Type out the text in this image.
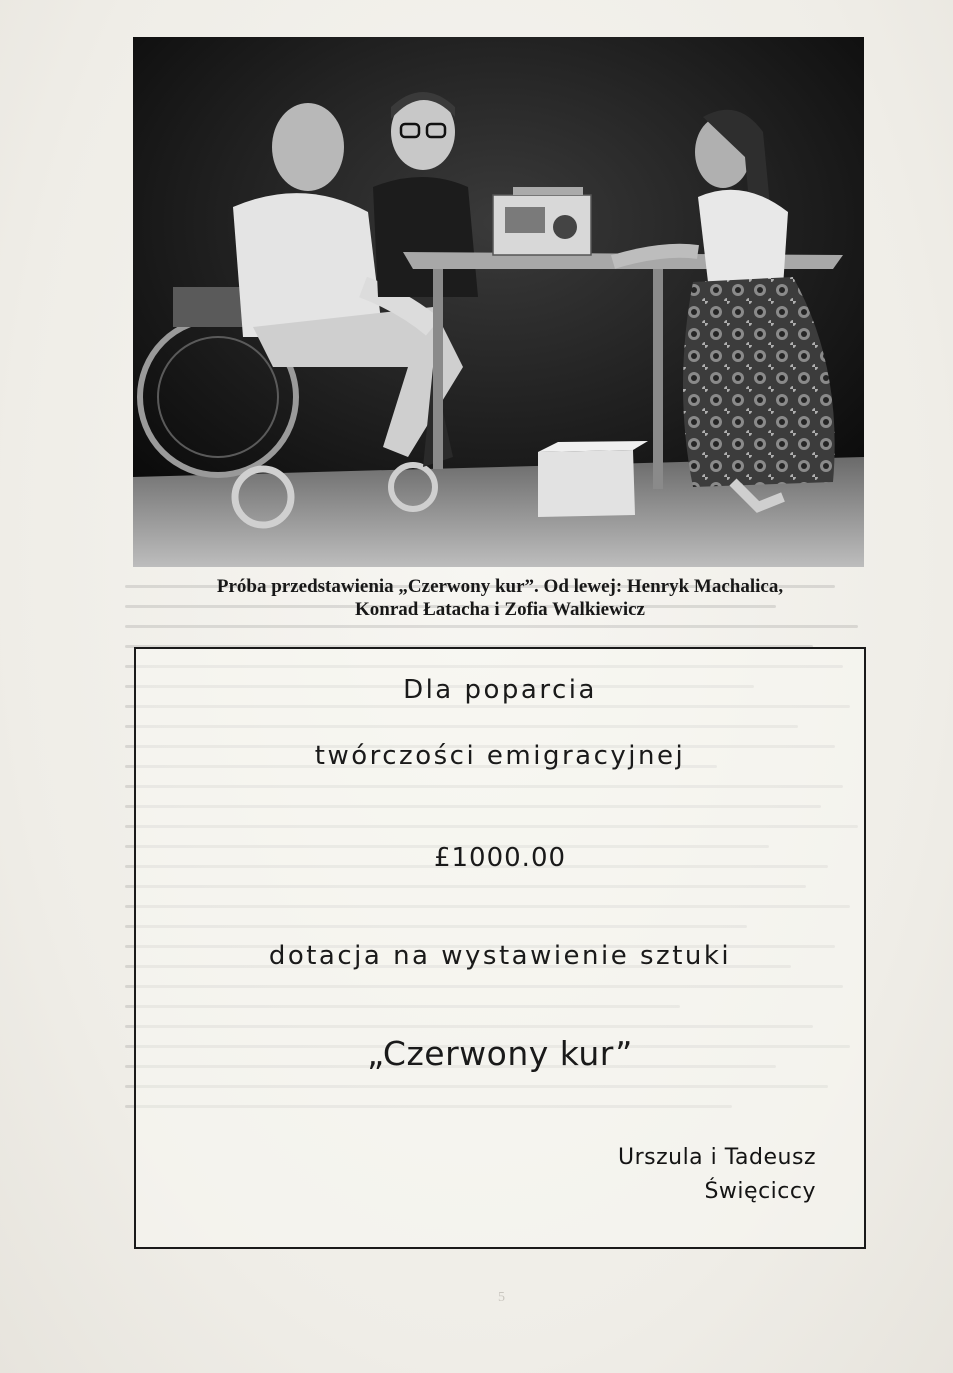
Próba przedstawienia „Czerwony kur”. Od lewej: Henryk Machalica,
Konrad Łatacha i Zofia Walkiewicz
Dla poparcia
twórczości emigracyjnej
£1000.00
dotacja na wystawienie sztuki
„Czerwony kur”
Urszula i Tadeusz
Święciccy
5
